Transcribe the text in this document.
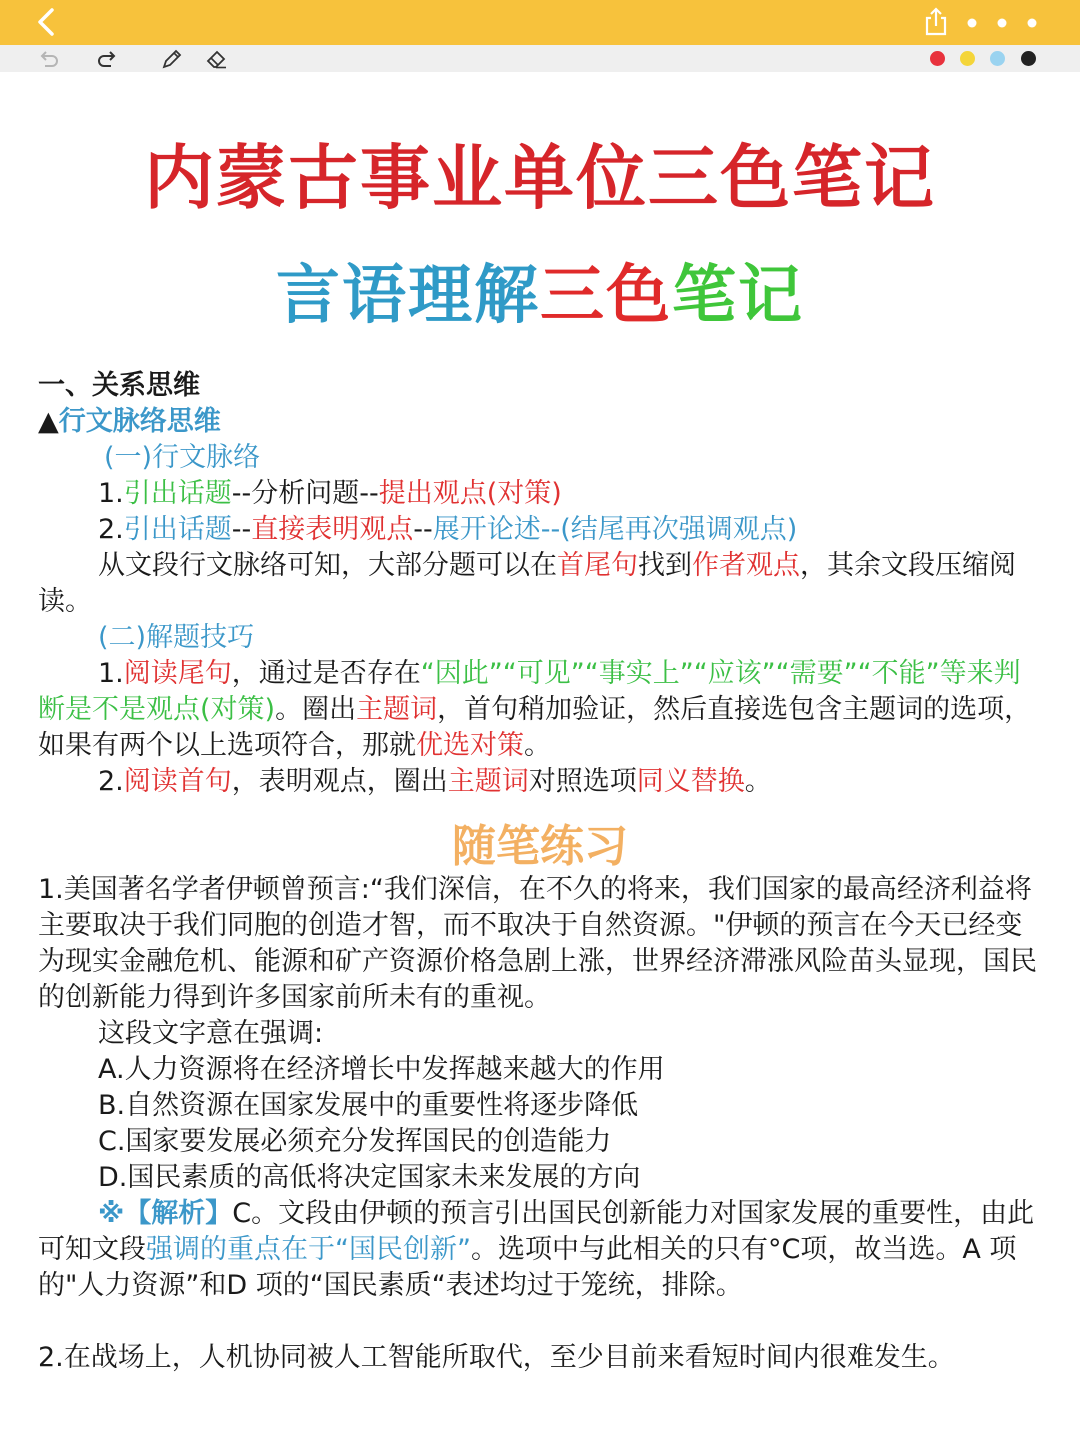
内蒙古事业单位三色笔记
言语理解三色笔记
一、关系思维
▲行文脉络思维
(一)行文脉络
1.引出话题--分析问题--提出观点(对策)
2.引出话题--直接表明观点--展开论述--(结尾再次强调观点)
从文段行文脉络可知，大部分题可以在首尾句找到作者观点，其余文段压缩阅读。
(二)解题技巧
1.阅读尾句，通过是否存在“因此”“可见”“事实上”“应该”“需要”“不能”等来判断是不是观点(对策)。圈出主题词，首句稍加验证，然后直接选包含主题词的选项，如果有两个以上选项符合，那就优选对策。
2.阅读首句，表明观点，圈出主题词对照选项同义替换。
随笔练习
1.美国著名学者伊顿曾预言:“我们深信，在不久的将来，我们国家的最高经济利益将主要取决于我们同胞的创造才智，而不取决于自然资源。"伊顿的预言在今天已经变为现实金融危机、能源和矿产资源价格急剧上涨，世界经济滞涨风险苗头显现，国民的创新能力得到许多国家前所未有的重视。
这段文字意在强调:
A.人力资源将在经济增长中发挥越来越大的作用
B.自然资源在国家发展中的重要性将逐步降低
C.国家要发展必须充分发挥国民的创造能力
D.国民素质的高低将决定国家未来发展的方向
※【解析】C。文段由伊顿的预言引出国民创新能力对国家发展的重要性，由此可知文段强调的重点在于“国民创新”。选项中与此相关的只有°C项，故当选。A 项的"人力资源”和D 项的“国民素质“表述均过于笼统，排除。
2.在战场上，人机协同被人工智能所取代，至少目前来看短时间内很难发生。
